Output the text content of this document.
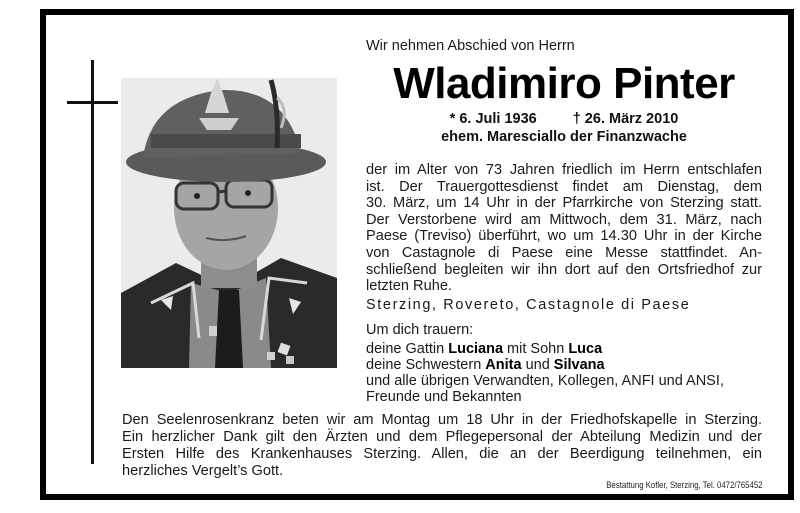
Wir nehmen Abschied von Herrn
Wladimiro Pinter
* 6. Juli 1936 † 26. März 2010
ehem. Maresciallo der Finanzwache
der im Alter von 73 Jahren friedlich im Herrn entschlafen
ist. Der Trauergottesdienst findet am Dienstag, dem
30. März, um 14 Uhr in der Pfarrkirche von Sterzing statt.
Der Verstorbene wird am Mittwoch, dem 31. März, nach
Paese (Treviso) überführt, wo um 14.30 Uhr in der Kirche
von Castagnole di Paese eine Messe stattfindet. An-
schließend begleiten wir ihn dort auf den Ortsfriedhof zur
letzten Ruhe.
Sterzing, Rovereto, Castagnole di Paese
Um dich trauern:
deine Gattin Luciana mit Sohn Luca
deine Schwestern Anita und Silvana
und alle übrigen Verwandten, Kollegen, ANFI und ANSI,
Freunde und Bekannten
Den Seelenrosenkranz beten wir am Montag um 18 Uhr in der Friedhofskapelle in Sterzing.
Ein herzlicher Dank gilt den Ärzten und dem Pflegepersonal der Abteilung Medizin und der
Ersten Hilfe des Krankenhauses Sterzing. Allen, die an der Beerdigung teilnehmen, ein
herzliches Vergelt’s Gott.
Bestattung Kofler, Sterzing, Tel. 0472/765452
